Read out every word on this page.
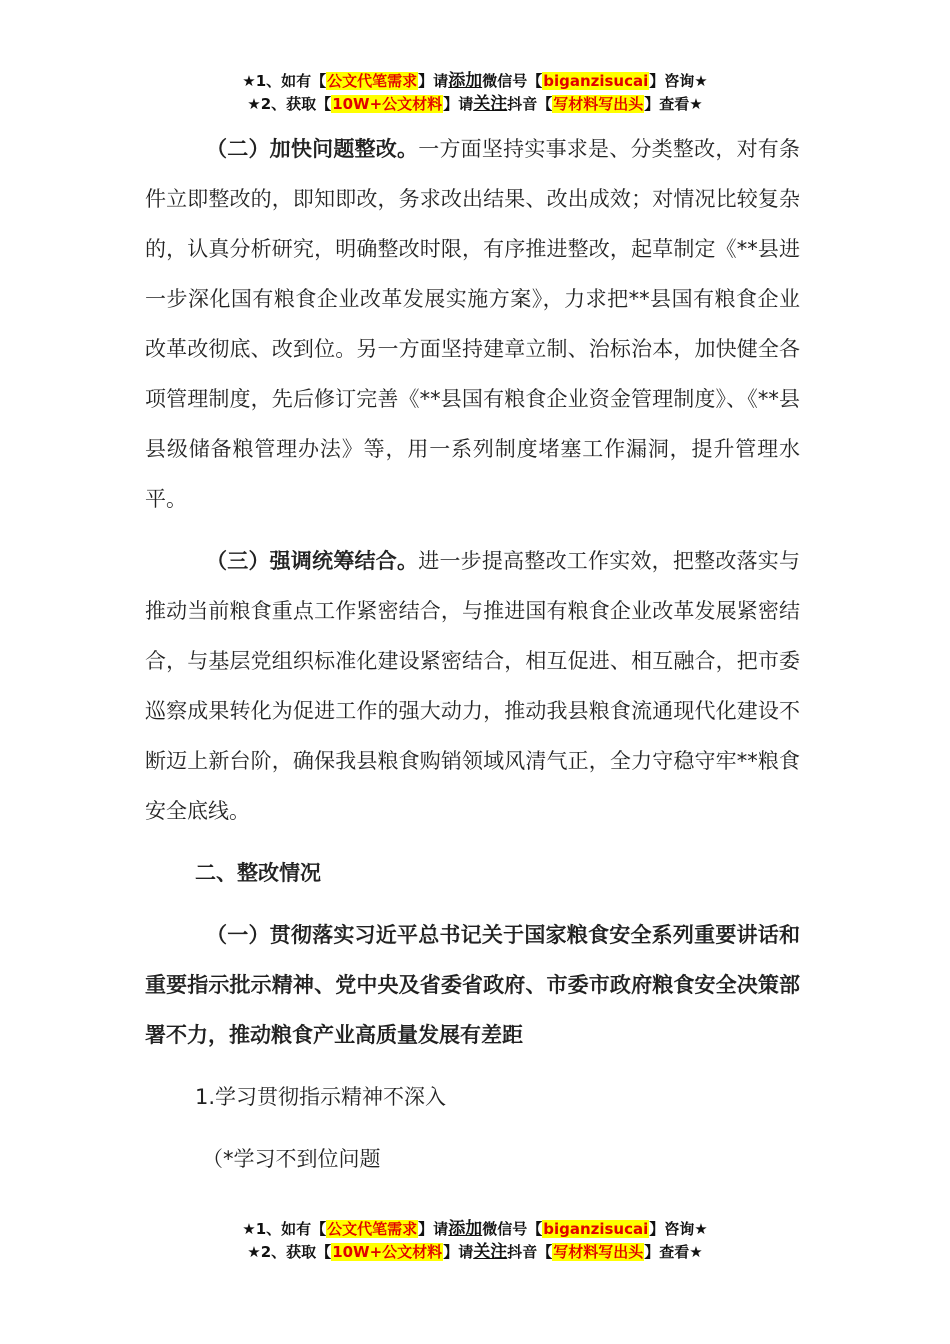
★1、如有【公文代笔需求】请添加微信号【biganzisucai】咨询★
★2、获取【10W+公文材料】请关注抖音【写材料写出头】查看★

（二）加快问题整改。一方面坚持实事求是、分类整改，对有条件立即整改的，即知即改，务求改出结果、改出成效；对情况比较复杂的，认真分析研究，明确整改时限，有序推进整改，起草制定《**县进一步深化国有粮食企业改革发展实施方案》，力求把**县国有粮食企业改革改彻底、改到位。另一方面坚持建章立制、治标治本，加快健全各项管理制度，先后修订完善《**县国有粮食企业资金管理制度》、《**县县级储备粮管理办法》等，用一系列制度堵塞工作漏洞，提升管理水平。

（三）强调统筹结合。进一步提高整改工作实效，把整改落实与推动当前粮食重点工作紧密结合，与推进国有粮食企业改革发展紧密结合，与基层党组织标准化建设紧密结合，相互促进、相互融合，把市委巡察成果转化为促进工作的强大动力，推动我县粮食流通现代化建设不断迈上新台阶，确保我县粮食购销领域风清气正，全力守稳守牢**粮食安全底线。

二、整改情况

（一）贯彻落实习近平总书记关于国家粮食安全系列重要讲话和重要指示批示精神、党中央及省委省政府、市委市政府粮食安全决策部署不力，推动粮食产业高质量发展有差距

1.学习贯彻指示精神不深入
（*学习不到位问题
★1、如有【公文代笔需求】请添加微信号【biganzisucai】咨询★
★2、获取【10W+公文材料】请关注抖音【写材料写出头】查看★
